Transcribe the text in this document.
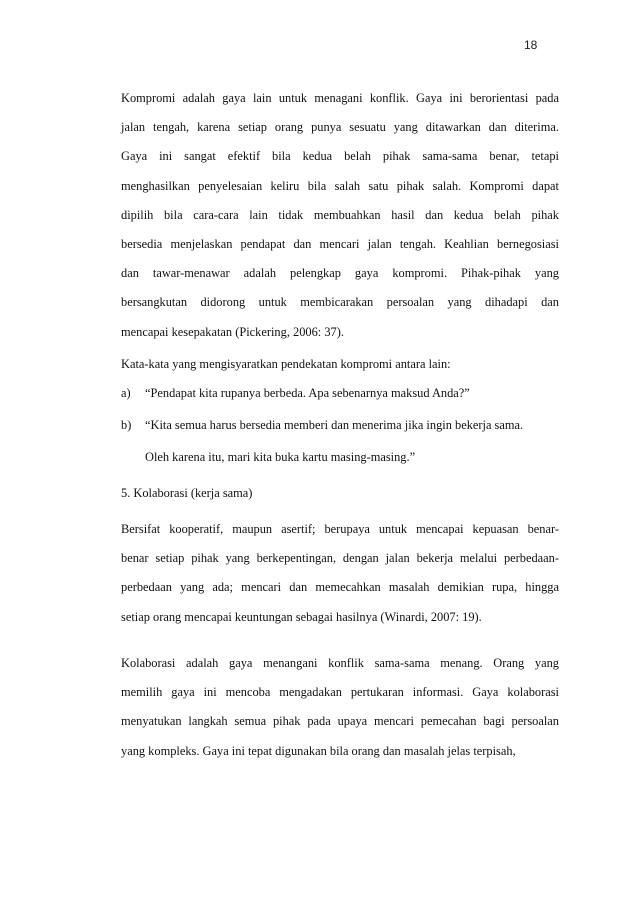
18
Kompromi adalah gaya lain untuk menagani konflik. Gaya ini berorientasi pada
jalan tengah, karena setiap orang punya sesuatu yang ditawarkan dan diterima.
Gaya ini sangat efektif bila kedua belah pihak sama-sama benar, tetapi
menghasilkan penyelesaian keliru bila salah satu pihak salah. Kompromi dapat
dipilih bila cara-cara lain tidak membuahkan hasil dan kedua belah pihak
bersedia menjelaskan pendapat dan mencari jalan tengah. Keahlian bernegosiasi
dan tawar-menawar adalah pelengkap gaya kompromi. Pihak-pihak yang
bersangkutan didorong untuk membicarakan persoalan yang dihadapi dan
mencapai kesepakatan (Pickering, 2006: 37).
Kata-kata yang mengisyaratkan pendekatan kompromi antara lain:
a) “Pendapat kita rupanya berbeda. Apa sebenarnya maksud Anda?”
b) “Kita semua harus bersedia memberi dan menerima jika ingin bekerja sama.
Oleh karena itu, mari kita buka kartu masing-masing.”
5. Kolaborasi (kerja sama)
Bersifat kooperatif, maupun asertif; berupaya untuk mencapai kepuasan benar-
benar setiap pihak yang berkepentingan, dengan jalan bekerja melalui perbedaan-
perbedaan yang ada; mencari dan memecahkan masalah demikian rupa, hingga
setiap orang mencapai keuntungan sebagai hasilnya (Winardi, 2007: 19).
Kolaborasi adalah gaya menangani konflik sama-sama menang. Orang yang
memilih gaya ini mencoba mengadakan pertukaran informasi. Gaya kolaborasi
menyatukan langkah semua pihak pada upaya mencari pemecahan bagi persoalan
yang kompleks. Gaya ini tepat digunakan bila orang dan masalah jelas terpisah,
